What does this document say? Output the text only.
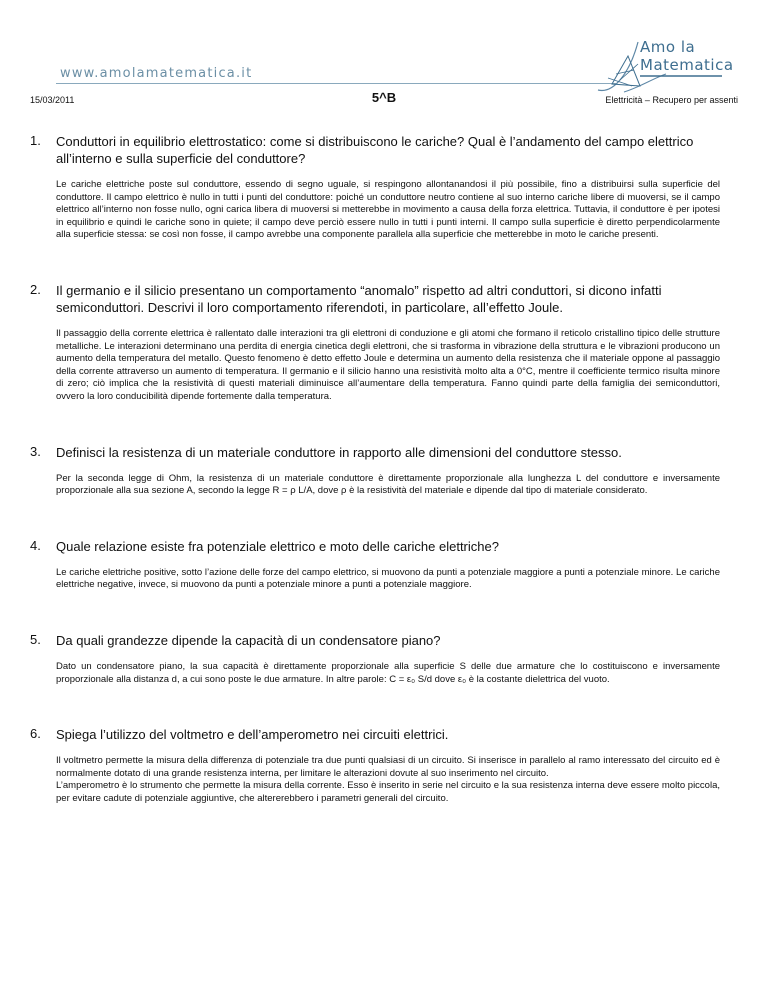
www.amolamatematica.it
Amo la
Matematica
15/03/2011	5^B	Elettricità – Recupero per assenti
1.	Conduttori in equilibrio elettrostatico: come si distribuiscono le cariche? Qual è l’andamento del campo elettrico all’interno e sulla superficie del conduttore?

Le cariche elettriche poste sul conduttore, essendo di segno uguale, si respingono allontanandosi il più possibile, fino a distribuirsi sulla superficie del conduttore. Il campo elettrico è nullo in tutti i punti del conduttore: poiché un conduttore neutro contiene al suo interno cariche libere di muoversi, se il campo elettrico all’interno non fosse nullo, ogni carica libera di muoversi si metterebbe in movimento a causa della forza elettrica. Tuttavia, il conduttore è per ipotesi in equilibrio e quindi le cariche sono in quiete; il campo deve perciò essere nullo in tutti i punti interni. Il campo sulla superficie è diretto perpendicolarmente alla superficie stessa: se così non fosse, il campo avrebbe una componente parallela alla superficie che metterebbe in moto le cariche presenti.

2.	Il germanio e il silicio presentano un comportamento “anomalo” rispetto ad altri conduttori, si dicono infatti semiconduttori. Descrivi il loro comportamento riferendoti, in particolare, all’effetto Joule.

Il passaggio della corrente elettrica è rallentato dalle interazioni tra gli elettroni di conduzione e gli atomi che formano il reticolo cristallino tipico delle strutture metalliche. Le interazioni determinano una perdita di energia cinetica degli elettroni, che si trasforma in vibrazione della struttura e le vibrazioni producono un aumento della temperatura del metallo. Questo fenomeno è detto effetto Joule e determina un aumento della resistenza che il materiale oppone al passaggio della corrente attraverso un aumento di temperatura. Il germanio e il silicio hanno una resistività molto alta a 0°C, mentre il coefficiente termico risulta minore di zero; ciò implica che la resistività di questi materiali diminuisce all’aumentare della temperatura. Fanno quindi parte della famiglia dei semiconduttori, ovvero la loro conducibilità dipende fortemente dalla temperatura.

3.	Definisci la resistenza di un materiale conduttore in rapporto alle dimensioni del conduttore stesso.

Per la seconda legge di Ohm, la resistenza di un materiale conduttore è direttamente proporzionale alla lunghezza L del conduttore e inversamente proporzionale alla sua sezione A, secondo la legge R = ρ L/A, dove ρ è la resistività del materiale e dipende dal tipo di materiale considerato.

4.	Quale relazione esiste fra potenziale elettrico e moto delle cariche elettriche?

Le cariche elettriche positive, sotto l’azione delle forze del campo elettrico, si muovono da punti a potenziale maggiore a punti a potenziale minore. Le cariche elettriche negative, invece, si muovono da punti a potenziale minore a punti a potenziale maggiore.

5.	Da quali grandezze dipende la capacità di un condensatore piano?

Dato un condensatore piano, la sua capacità è direttamente proporzionale alla superficie S delle due armature che lo costituiscono e inversamente proporzionale alla distanza d, a cui sono poste le due armature. In altre parole: C = ε₀ S/d dove ε₀ è la costante dielettrica del vuoto.

6.	Spiega l’utilizzo del voltmetro e dell’amperometro nei circuiti elettrici.

Il voltmetro permette la misura della differenza di potenziale tra due punti qualsiasi di un circuito. Si inserisce in parallelo al ramo interessato del circuito ed è normalmente dotato di una grande resistenza interna, per limitare le alterazioni dovute al suo inserimento nel circuito.

L’amperometro è lo strumento che permette la misura della corrente. Esso è inserito in serie nel circuito e la sua resistenza interna deve essere molto piccola, per evitare cadute di potenziale aggiuntive, che altererebbero i parametri generali del circuito.
